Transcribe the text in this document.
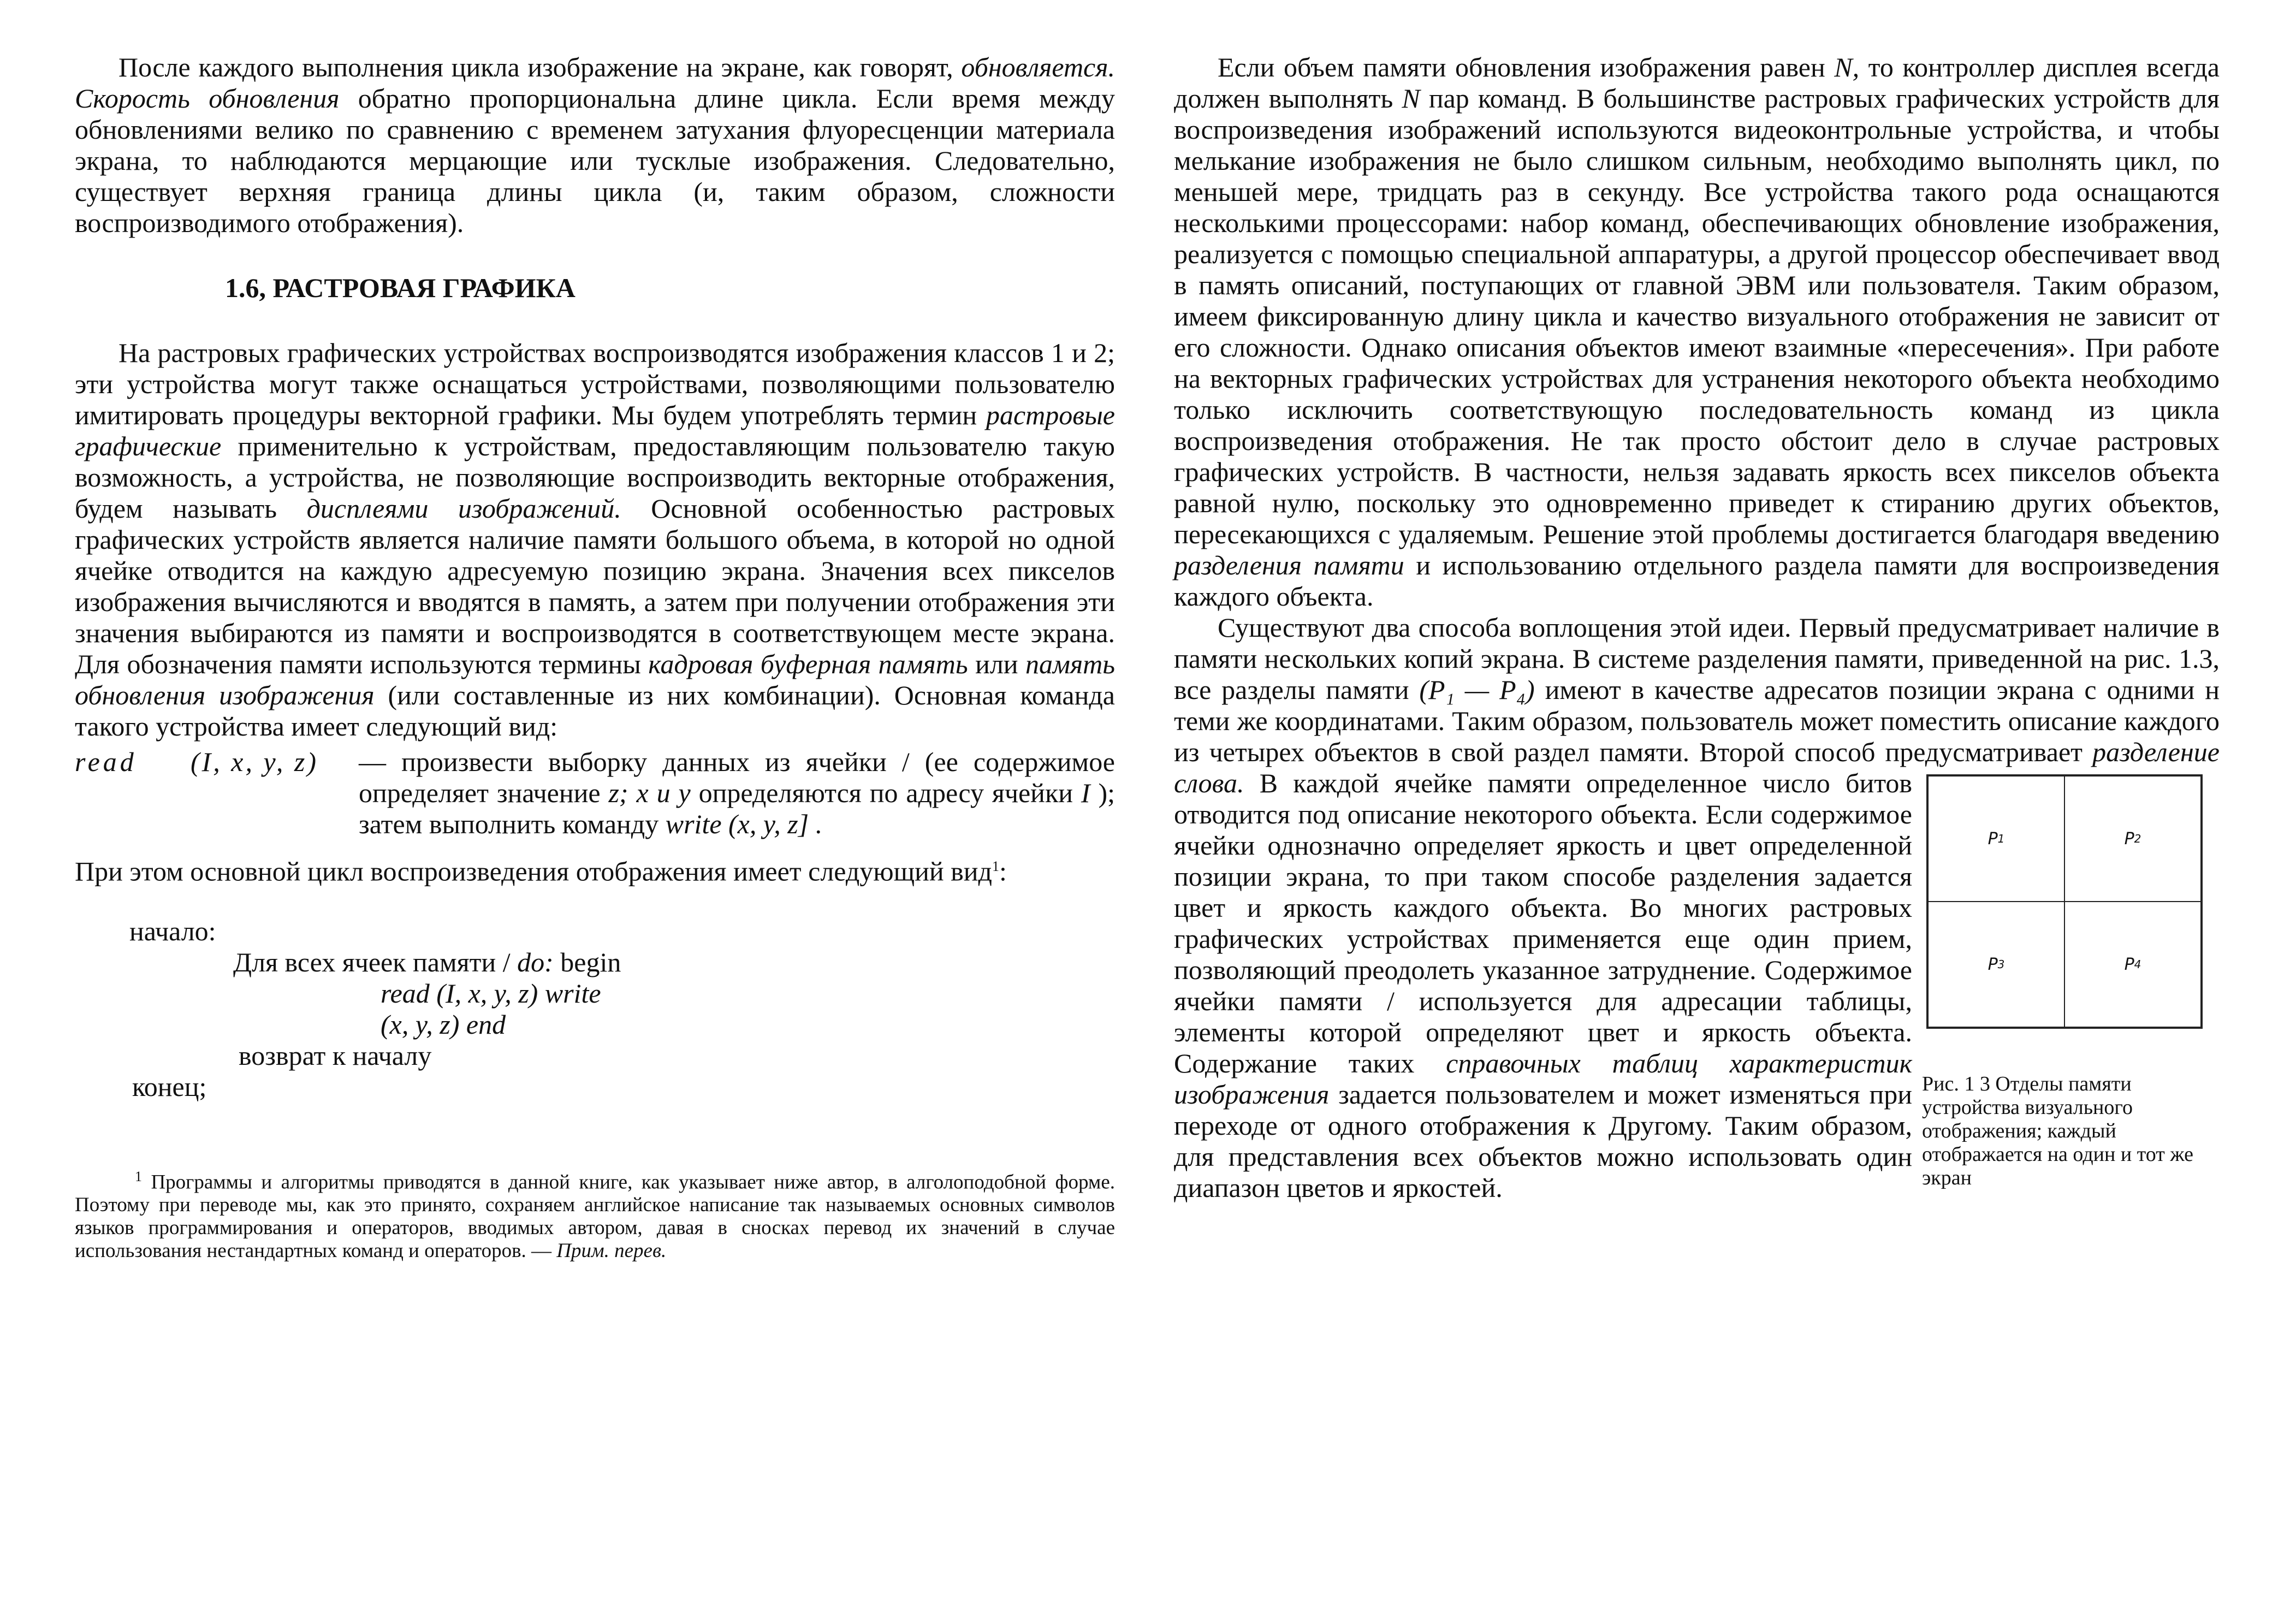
После каждого выполнения цикла изображение на экране, как говорят, обновляется. Скорость обновления обратно пропорциональна длине цикла. Если время между обновлениями велико по сравнению с временем затухания флуоресценции материала экрана, то наблюдаются мерцающие или тусклые изображения. Следовательно, существует верхняя граница длины цикла (и, таким образом, сложности воспроизводимого отображения).

1.6, РАСТРОВАЯ ГРАФИКА

На растровых графических устройствах воспроизводятся изображения классов 1 и 2; эти устройства могут также оснащаться устройствами, позволяющими пользователю имитировать процедуры векторной графики. Мы будем употреблять термин растровые графические применительно к устройствам, предоставляющим пользователю такую возможность, а устройства, не позволяющие воспроизводить векторные отображения, будем называть дисплеями изображений. Основной особенностью растровых графических устройств является наличие памяти большого объема, в которой но одной ячейке отводится на каждую адресуемую позицию экрана. Значения всех пикселов изображения вычисляются и вводятся в память, а затем при получении отображения эти значения выбираются из памяти и воспроизводятся в соответствующем месте экрана. Для обозначения памяти используются термины кадровая буферная память или память обновления изображения (или составленные из них комбинации). Основная команда такого устройства имеет следующий вид:

read (I, x, y, z) — произвести выборку данных из ячейки / (ее содержимое определяет значение z; x и y определяются по адресу ячейки I ); затем выполнить команду write (x, y, z] .

При этом основной цикл воспроизведения отображения имеет следующий вид$^1$:

начало:
Для всех ячеек памяти / do: begin
read (I, x, y, z) write
(x, y, z) end
возврат к началу
конец;

$^1$ Программы и алгоритмы приводятся в данной книге, как указывает ниже автор, в алголоподобной форме. Поэтому при переводе мы, как это принято, сохраняем английское написание так называемых основных символов языков программирования и операторов, вводимых автором, давая в сносках перевод их значений в случае использования нестандартных команд и операторов. — Прим. перев.

Если объем памяти обновления изображения равен N, то контроллер дисплея всегда должен выполнять N пар команд. В большинстве растровых графических устройств для воспроизведения изображений используются видеоконтрольные устройства, и чтобы мелькание изображения не было слишком сильным, необходимо выполнять цикл, по меньшей мере, тридцать раз в секунду. Все устройства такого рода оснащаются несколькими процессорами: набор команд, обеспечивающих обновление изображения, реализуется с помощью специальной аппаратуры, а другой процессор обеспечивает ввод в память описаний, поступающих от главной ЭВМ или пользователя. Таким образом, имеем фиксированную длину цикла и качество визуального отображения не зависит от его сложности. Однако описания объектов имеют взаимные «пересечения». При работе на векторных графических устройствах для устранения некоторого объекта необходимо только исключить соответствующую последовательность команд из цикла воспроизведения отображения. Не так просто обстоит дело в случае растровых графических устройств. В частности, нельзя задавать яркость всех пикселов объекта равной нулю, поскольку это одновременно приведет к стиранию других объектов, пересекающихся с удаляемым. Решение этой проблемы достигается благодаря введению разделения памяти и использованию отдельного раздела памяти для воспроизведения каждого объекта.

Существуют два способа воплощения этой идеи. Первый предусматривает наличие в памяти нескольких копий экрана. В системе разделения памяти, приведенной на рис. 1.3, все разделы памяти (P₁ — P₄) имеют в качестве адресатов позиции экрана с одними н теми же координатами. Таким образом, пользователь может поместить описание каждого из четырех объектов в свой раздел памяти. Второй способ предусматривает
P 1	P 2
P 3	P 4
Рис. 1 3 Отделы памяти устройства визуального отображения; каждый отображается на один и тот же экран
разделение слова. В каждой ячейке памяти определенное число битов отводится под описание некоторого объекта. Если содержимое ячейки однозначно определяет яркость и цвет определенной позиции экрана, то при таком способе разделения задается цвет и яркость каждого объекта. Во многих растровых графических устройствах применяется еще один прием, позволяющий преодолеть указанное затруднение. Содержимое ячейки памяти / используется для адресации таблицы, элементы которой определяют цвет и яркость объекта. Содержание таких справочных таблиц характеристик изображения задается пользователем и может изменяться при переходе от одного отображения к Другому. Таким образом, для представления всех объектов можно использовать один диапазон цветов и яркостей.
